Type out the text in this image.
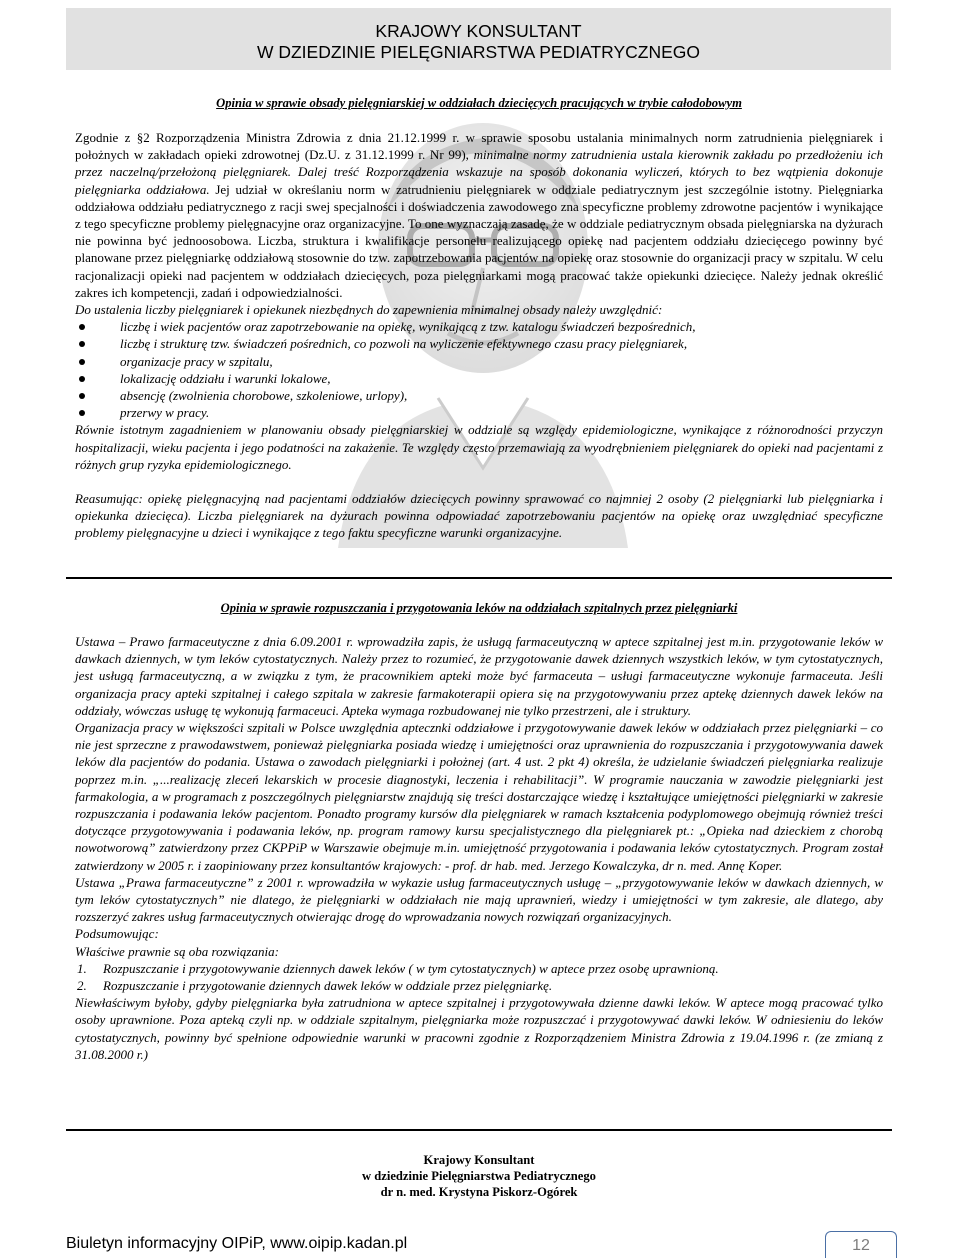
KRAJOWY KONSULTANT
W DZIEDZINIE PIELĘGNIARSTWA PEDIATRYCZNEGO
Opinia w sprawie obsady pielęgniarskiej w oddziałach dziecięcych pracujących w trybie całodobowym

Zgodnie z §2 Rozporządzenia Ministra Zdrowia z dnia 21.12.1999 r. w sprawie sposobu ustalania minimalnych norm zatrudnienia pielęgniarek i położnych w zakładach opieki zdrowotnej (Dz.U. z 31.12.1999 r. Nr 99), minimalne normy zatrudnienia ustala kierownik zakładu po przedłożeniu ich przez naczelną/przełożoną pielęgniarek. Dalej treść Rozporządzenia wskazuje na sposób dokonania wyliczeń, których to bez wątpienia dokonuje pielęgniarka oddziałowa. Jej udział w określaniu norm w zatrudnieniu pielęgniarek w oddziale pediatrycznym jest szczególnie istotny. Pielęgniarka oddziałowa oddziału pediatrycznego z racji swej specjalności i doświadczenia zawodowego zna specyficzne problemy zdrowotne pacjentów i wynikające z tego specyficzne problemy pielęgnacyjne oraz organizacyjne. To one wyznaczają zasadę, że w oddziale pediatrycznym obsada pielęgniarska na dyżurach nie powinna być jednoosobowa. Liczba, struktura i kwalifikacje personelu realizującego opiekę nad pacjentem oddziału dziecięcego powinny być planowane przez pielęgniarkę oddziałową stosownie do tzw. zapotrzebowania pacjentów na opiekę oraz stosownie do organizacji pracy w szpitalu. W celu racjonalizacji opieki nad pacjentem w oddziałach dziecięcych, poza pielęgniarkami mogą pracować także opiekunki dziecięce. Należy jednak określić zakres ich kompetencji, zadań i odpowiedzialności.

Do ustalenia liczby pielęgniarek i opiekunek niezbędnych do zapewnienia minimalnej obsady należy uwzględnić:

liczbę i wiek pacjentów oraz zapotrzebowanie na opiekę, wynikającą z tzw. katalogu świadczeń bezpośrednich,
liczbę i strukturę tzw. świadczeń pośrednich, co pozwoli na wyliczenie efektywnego czasu pracy pielęgniarek,
organizacje pracy w szpitalu,
lokalizację oddziału i warunki lokalowe,
absencję (zwolnienia chorobowe, szkoleniowe, urlopy),
przerwy w pracy.

Równie istotnym zagadnieniem w planowaniu obsady pielęgniarskiej w oddziale są względy epidemiologiczne, wynikające z różnorodności przyczyn hospitalizacji, wieku pacjenta i jego podatności na zakażenie. Te względy często przemawiają za wyodrębnieniem pielęgniarek do opieki nad pacjentami z różnych grup ryzyka epidemiologicznego.

Reasumując: opiekę pielęgnacyjną nad pacjentami oddziałów dziecięcych powinny sprawować co najmniej 2 osoby (2 pielęgniarki lub pielęgniarka i opiekunka dziecięca). Liczba pielęgniarek na dyżurach powinna odpowiadać zapotrzebowaniu pacjentów na opiekę oraz uwzględniać specyficzne problemy pielęgnacyjne u dzieci i wynikające z tego faktu specyficzne warunki organizacyjne.

Opinia w sprawie rozpuszczania i przygotowania leków na oddziałach szpitalnych przez pielęgniarki

Ustawa – Prawo farmaceutyczne z dnia 6.09.2001 r. wprowadziła zapis, że usługą farmaceutyczną w aptece szpitalnej jest m.in. przygotowanie leków w dawkach dziennych, w tym leków cytostatycznych. Należy przez to rozumieć, że przygotowanie dawek dziennych wszystkich leków, w tym cytostatycznych, jest usługą farmaceutyczną, a w związku z tym, że pracownikiem apteki może być farmaceuta – usługi farmaceutyczne wykonuje farmaceuta. Jeśli organizacja pracy apteki szpitalnej i całego szpitala w zakresie farmakoterapii opiera się na przygotowywaniu przez aptekę dziennych dawek leków na oddziały, wówczas usługę tę wykonują farmaceuci. Apteka wymaga rozbudowanej nie tylko przestrzeni, ale i struktury.

Organizacja pracy w większości szpitali w Polsce uwzględnia aptecznki oddziałowe i przygotowywanie dawek leków w oddziałach przez pielęgniarki – co nie jest sprzeczne z prawodawstwem, ponieważ pielęgniarka posiada wiedzę i umiejętności oraz uprawnienia do rozpuszczania i przygotowywania dawek leków dla pacjentów do podania. Ustawa o zawodach pielęgniarki i położnej (art. 4 ust. 2 pkt 4) określa, że udzielanie świadczeń pielęgniarka realizuje poprzez m.in. „...realizację zleceń lekarskich w procesie diagnostyki, leczenia i rehabilitacji”. W programie nauczania w zawodzie pielęgniarki jest farmakologia, a w programach z poszczególnych pielęgniarstw znajdują się treści dostarczające wiedzę i kształtujące umiejętności pielęgniarki w zakresie rozpuszczania i podawania leków pacjentom. Ponadto programy kursów dla pielęgniarek w ramach kształcenia podyplomowego obejmują również treści dotyczące przygotowywania i podawania leków, np. program ramowy kursu specjalistycznego dla pielęgniarek pt.: „Opieka nad dzieckiem z chorobą nowotworową” zatwierdzony przez CKPPiP w Warszawie obejmuje m.in. umiejętność przygotowania i podawania leków cytostatycznych. Program został zatwierdzony w 2005 r. i zaopiniowany przez konsultantów krajowych: - prof. dr hab. med. Jerzego Kowalczyka, dr n. med. Annę Koper.

Ustawa „Prawa farmaceutyczne” z 2001 r. wprowadziła w wykazie usług farmaceutycznych usługę – „przygotowywanie leków w dawkach dziennych, w tym leków cytostatycznych” nie dlatego, że pielęgniarki w oddziałach nie mają uprawnień, wiedzy i umiejętności w tym zakresie, ale dlatego, aby rozszerzyć zakres usług farmaceutycznych otwierając drogę do wprowadzania nowych rozwiązań organizacyjnych.

Podsumowując:

Właściwe prawnie są oba rozwiązania:

1. Rozpuszczanie i przygotowywanie dziennych dawek leków ( w tym cytostatycznych) w aptece przez osobę uprawnioną.
2. Rozpuszczanie i przygotowanie dziennych dawek leków w oddziale przez pielęgniarkę.

Niewłaściwym byłoby, gdyby pielęgniarka była zatrudniona w aptece szpitalnej i przygotowywała dzienne dawki leków. W aptece mogą pracować tylko osoby uprawnione. Poza apteką czyli np. w oddziale szpitalnym, pielęgniarka może rozpuszczać i przygotowywać dawki leków. W odniesieniu do leków cytostatycznych, powinny być spełnione odpowiednie warunki w pracowni zgodnie z Rozporządzeniem Ministra Zdrowia z 19.04.1996 r. (ze zmianą z 31.08.2000 r.)

Krajowy Konsultant
w dziedzinie Pielęgniarstwa Pediatrycznego
dr n. med. Krystyna Piskorz-Ogórek
Biuletyn informacyjny OIPiP, www.oipip.kadan.pl	12
